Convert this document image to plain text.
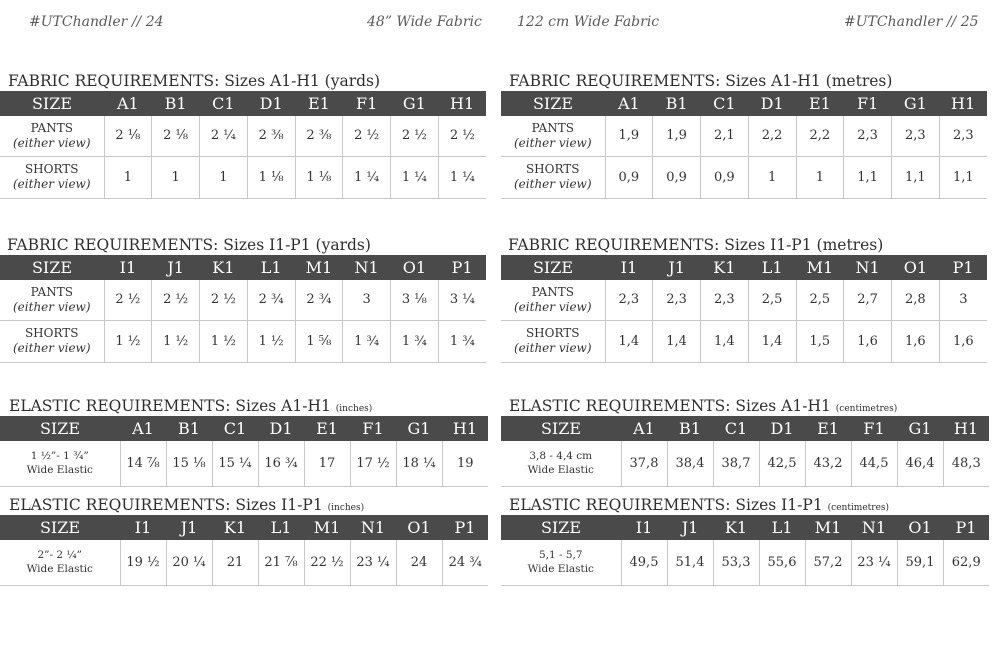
#UTChandler // 24	48” Wide Fabric	122 cm Wide Fabric	#UTChandler // 25
FABRIC REQUIREMENTS: Sizes A1-H1 (yards)
SIZE	A1	B1	C1	D1	E1	F1	G1	H1
PANTS
(either view)	2 ⅛	2 ⅛	2 ¼	2 ⅜	2 ⅜	2 ½	2 ½	2 ½
SHORTS
(either view)	1	1	1	1 ⅛	1 ⅛	1 ¼	1 ¼	1 ¼
FABRIC REQUIREMENTS: Sizes A1-H1 (metres)
SIZE	A1	B1	C1	D1	E1	F1	G1	H1
PANTS
(either view)	1,9	1,9	2,1	2,2	2,2	2,3	2,3	2,3
SHORTS
(either view)	0,9	0,9	0,9	1	1	1,1	1,1	1,1
FABRIC REQUIREMENTS: Sizes I1-P1 (yards)
SIZE	I1	J1	K1	L1	M1	N1	O1	P1
PANTS
(either view)	2 ½	2 ½	2 ½	2 ¾	2 ¾	3	3 ⅛	3 ¼
SHORTS
(either view)	1 ½	1 ½	1 ½	1 ½	1 ⅝	1 ¾	1 ¾	1 ¾
FABRIC REQUIREMENTS: Sizes I1-P1 (metres)
SIZE	I1	J1	K1	L1	M1	N1	O1	P1
PANTS
(either view)	2,3	2,3	2,3	2,5	2,5	2,7	2,8	3
SHORTS
(either view)	1,4	1,4	1,4	1,4	1,5	1,6	1,6	1,6
ELASTIC REQUIREMENTS: Sizes A1-H1 (inches)
SIZE	A1	B1	C1	D1	E1	F1	G1	H1
1 ½”- 1 ¾”
Wide Elastic	14 ⅞	15 ⅛	15 ¼	16 ¾	17	17 ½	18 ¼	19
ELASTIC REQUIREMENTS: Sizes A1-H1 (centimetres)
SIZE	A1	B1	C1	D1	E1	F1	G1	H1
3,8 - 4,4 cm
Wide Elastic	37,8	38,4	38,7	42,5	43,2	44,5	46,4	48,3
ELASTIC REQUIREMENTS: Sizes I1-P1 (inches)
SIZE	I1	J1	K1	L1	M1	N1	O1	P1
2”- 2 ¼”
Wide Elastic	19 ½	20 ¼	21	21 ⅞	22 ½	23 ¼	24	24 ¾
ELASTIC REQUIREMENTS: Sizes I1-P1 (centimetres)
SIZE	I1	J1	K1	L1	M1	N1	O1	P1
5,1 - 5,7
Wide Elastic	49,5	51,4	53,3	55,6	57,2	23 ¼	59,1	62,9
